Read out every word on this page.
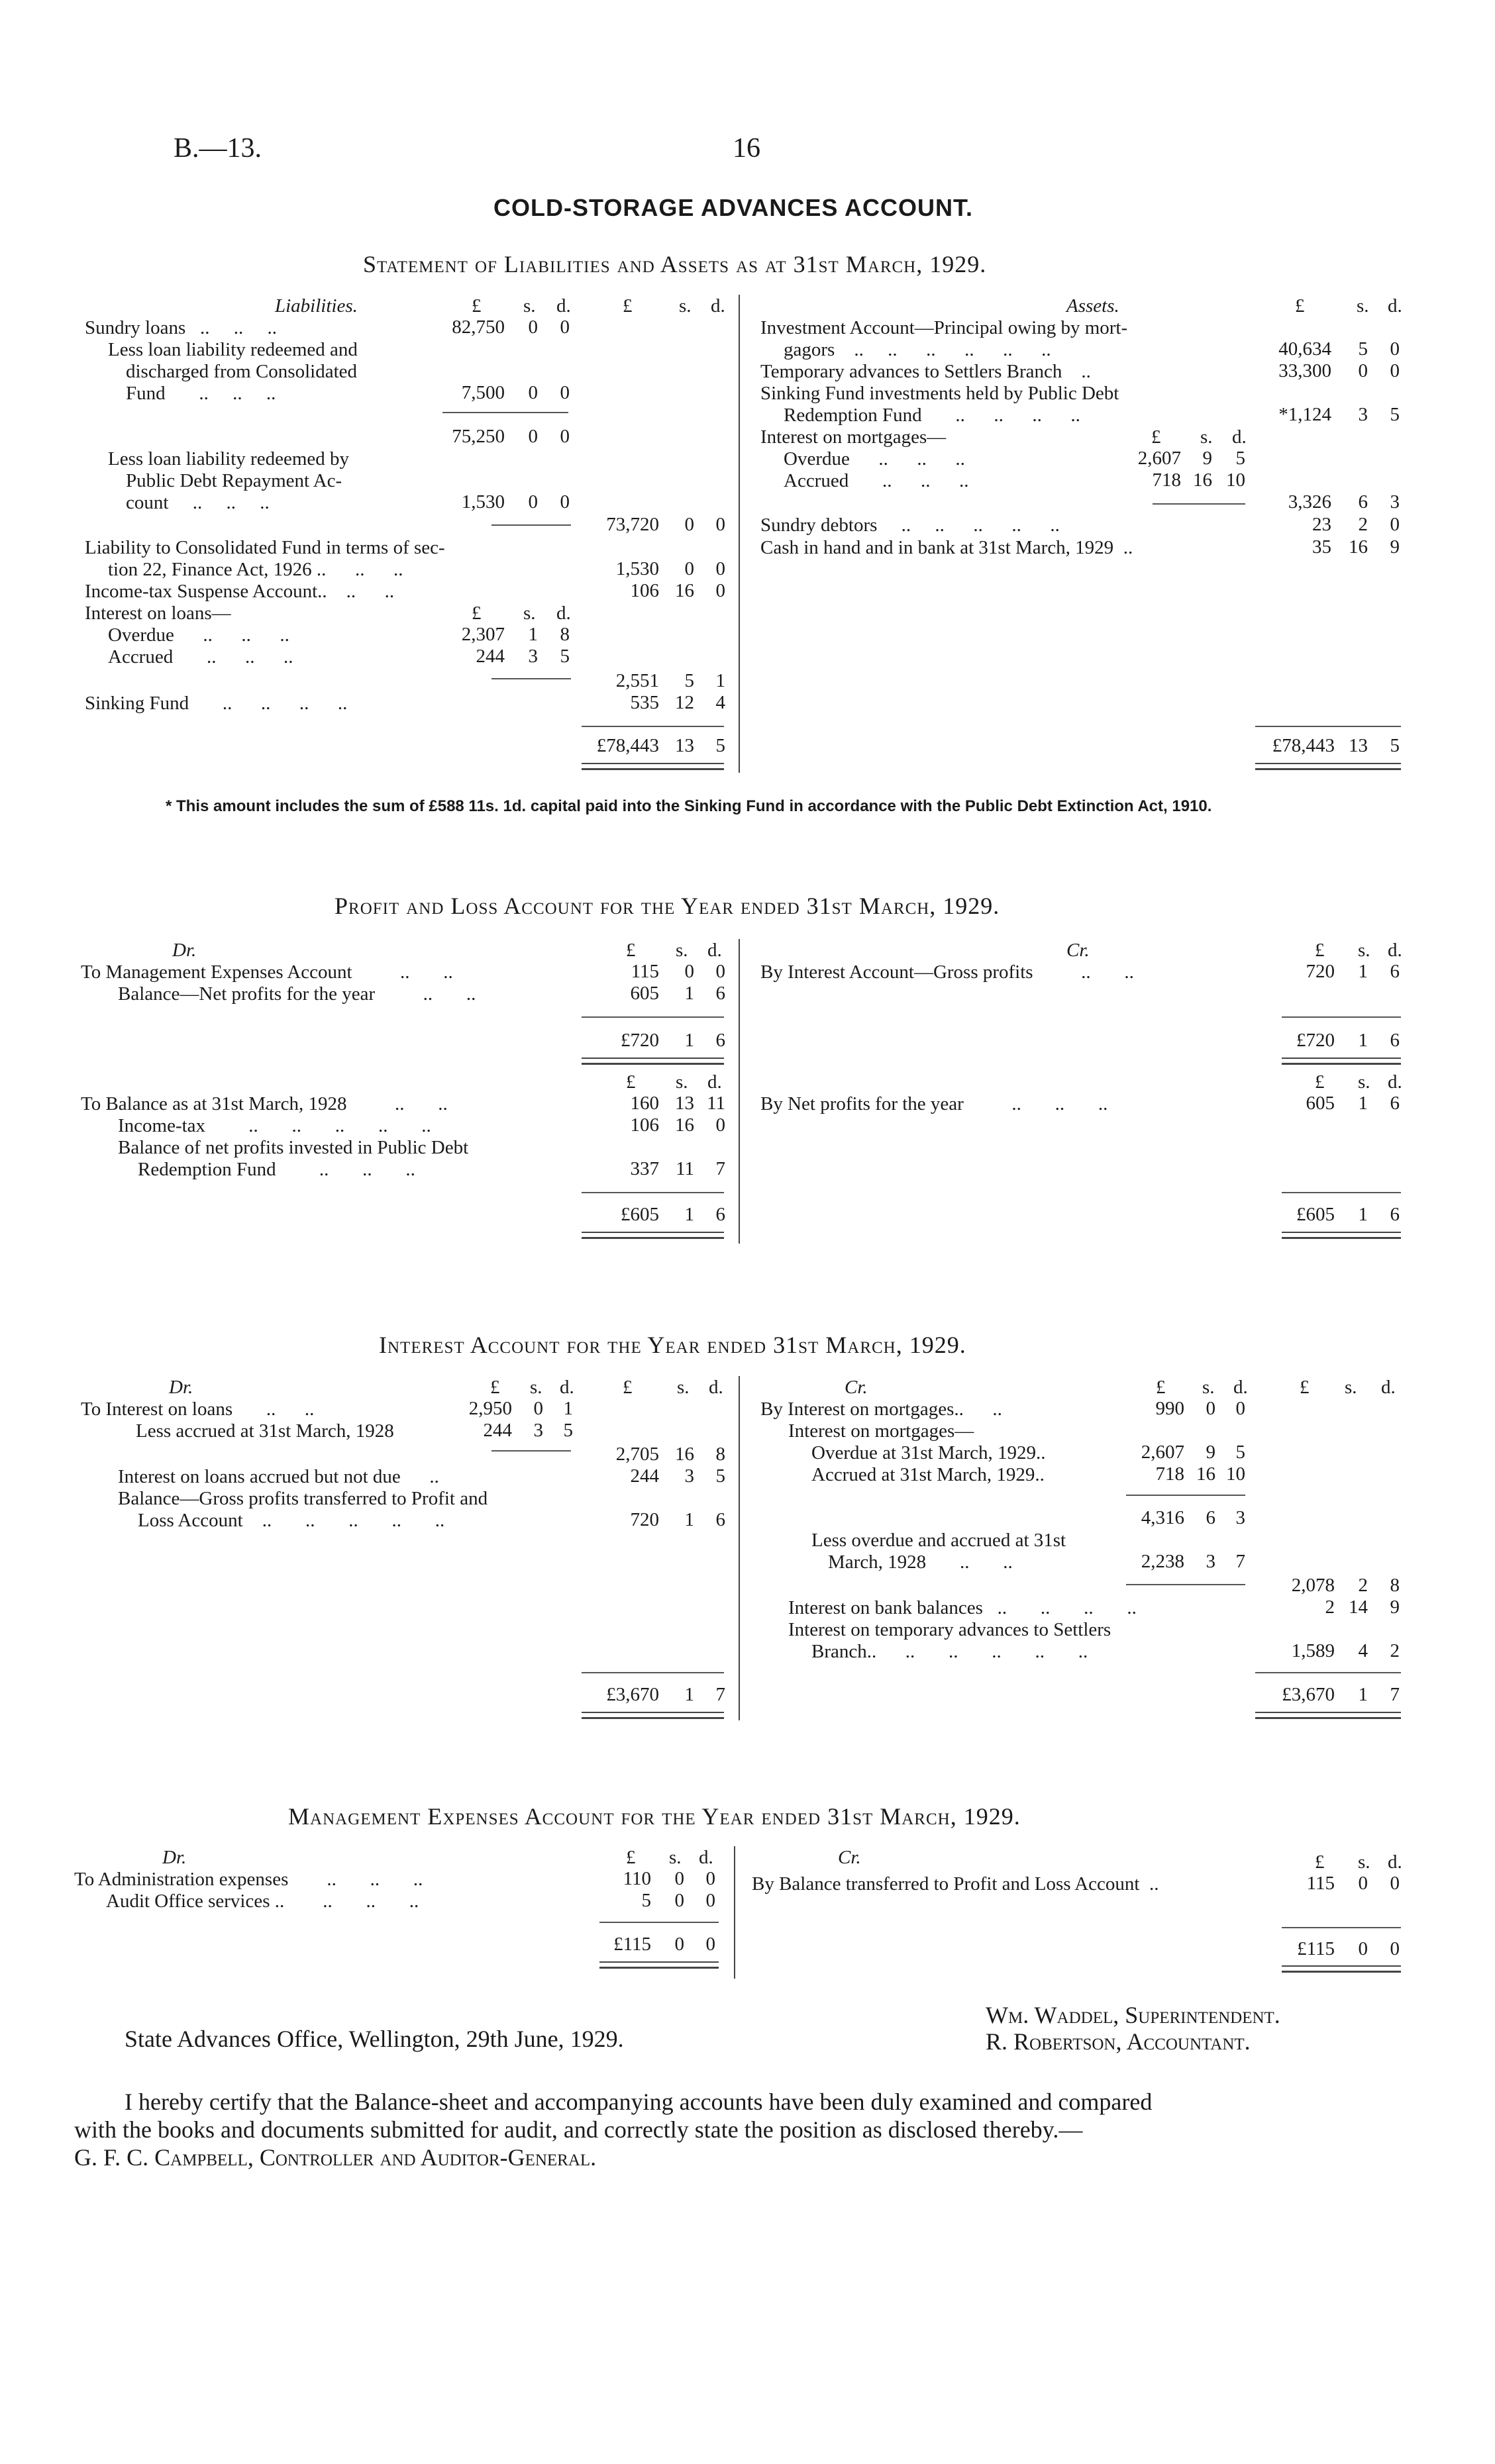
B.—13.	16
COLD-STORAGE ADVANCES ACCOUNT.
Statement of Liabilities and Assets as at 31st March, 1929.
Liabilities.	£ s. d.	£ s. d.
Sundry loans   ..     ..     ..	82,750	0	0
Less loan liability redeemed and
discharged from Consolidated
Fund       ..     ..     ..	7,500	0	0
75,250	0	0
Less loan liability redeemed by
Public Debt Repayment Ac-
count     ..     ..     ..	1,530	0	0
73,720	0	0
Liability to Consolidated Fund in terms of sec-
tion 22, Finance Act, 1926 ..      ..      ..	1,530	0	0
Income-tax Suspense Account..    ..      ..	106 16	0
Interest on loans—	£ s. d.
Overdue      ..      ..      ..	2,307	1	8
Accrued       ..      ..      ..	244	3	5
2,551	5	1
Sinking Fund       ..      ..      ..      ..	535 12	4
£78,443 13	5
Assets.	£	s. d.
Investment Account—Principal owing by mort-
gagors    ..     ..      ..      ..      ..      ..	40,634	5	0
Temporary advances to Settlers Branch    ..	33,300	0	0
Sinking Fund investments held by Public Debt
Redemption Fund       ..      ..      ..      ..	*1,124	3	5
Interest on mortgages—	£ s. d.
Overdue      ..      ..      ..	2,607	9	5
Accrued       ..      ..      ..	718 16 10
3,326	6	3
Sundry debtors     ..     ..      ..      ..      ..	23	2	0
Cash in hand and in bank at 31st March, 1929  ..	35 16	9
£78,443 13	5
* This amount includes the sum of £588 11s. 1d. capital paid into the Sinking Fund in accordance with the Public Debt Extinction Act, 1910.
Profit and Loss Account for the Year ended 31st March, 1929.
Dr.	£ s. d.
To Management Expenses Account          ..       ..	115	0	0
Balance—Net profits for the year          ..       ..	605	1	6
£720	1	6
Cr.	£ s. d.
By Interest Account—Gross profits          ..       ..	720	1	6
£720	1	6
£ s. d.	£ s. d.
To Balance as at 31st March, 1928          ..       ..	160 13 11
Income-tax         ..       ..       ..       ..       ..	106 16	0
Balance of net profits invested in Public Debt
Redemption Fund         ..       ..       ..	337 11	7
£605	1	6
By Net profits for the year          ..       ..       ..	605	1	6
£605	1	6
Interest Account for the Year ended 31st March, 1929.
Dr.	£ s. d.	£ s. d.
To Interest on loans       ..      ..	2,950	0	1
Less accrued at 31st March, 1928	244	3	5
2,705 16	8
Interest on loans accrued but not due      ..	244	3	5
Balance—Gross profits transferred to Profit and
Loss Account    ..       ..       ..       ..       ..	720	1	6
£3,670	1	7
Cr.	£ s. d.	£ s. d.
By Interest on mortgages..      ..	990	0	0
Interest on mortgages—
Overdue at 31st March, 1929..	2,607	9	5
Accrued at 31st March, 1929..	718 16 10
4,316	6	3
Less overdue and accrued at 31st
March, 1928       ..       ..	2,238	3	7
2,078	2	8
Interest on bank balances   ..       ..       ..       ..	2 14	9
Interest on temporary advances to Settlers
Branch..      ..       ..       ..       ..       ..	1,589	4	2
£3,670	1	7
Management Expenses Account for the Year ended 31st March, 1929.
Dr.	£ s. d.
To Administration expenses        ..       ..       ..	110	0	0
Audit Office services ..        ..       ..       ..	5	0	0
£115	0	0
Cr.	£ s. d.
By Balance transferred to Profit and Loss Account  ..	115	0	0
£115	0	0
State Advances Office, Wellington, 29th June, 1929.
Wm. Waddel, Superintendent.
R. Robertson, Accountant.
I hereby certify that the Balance-sheet and accompanying accounts have been duly examined and compared
with the books and documents submitted for audit, and correctly state the position as disclosed thereby.—
G. F. C. Campbell, Controller and Auditor-General.
